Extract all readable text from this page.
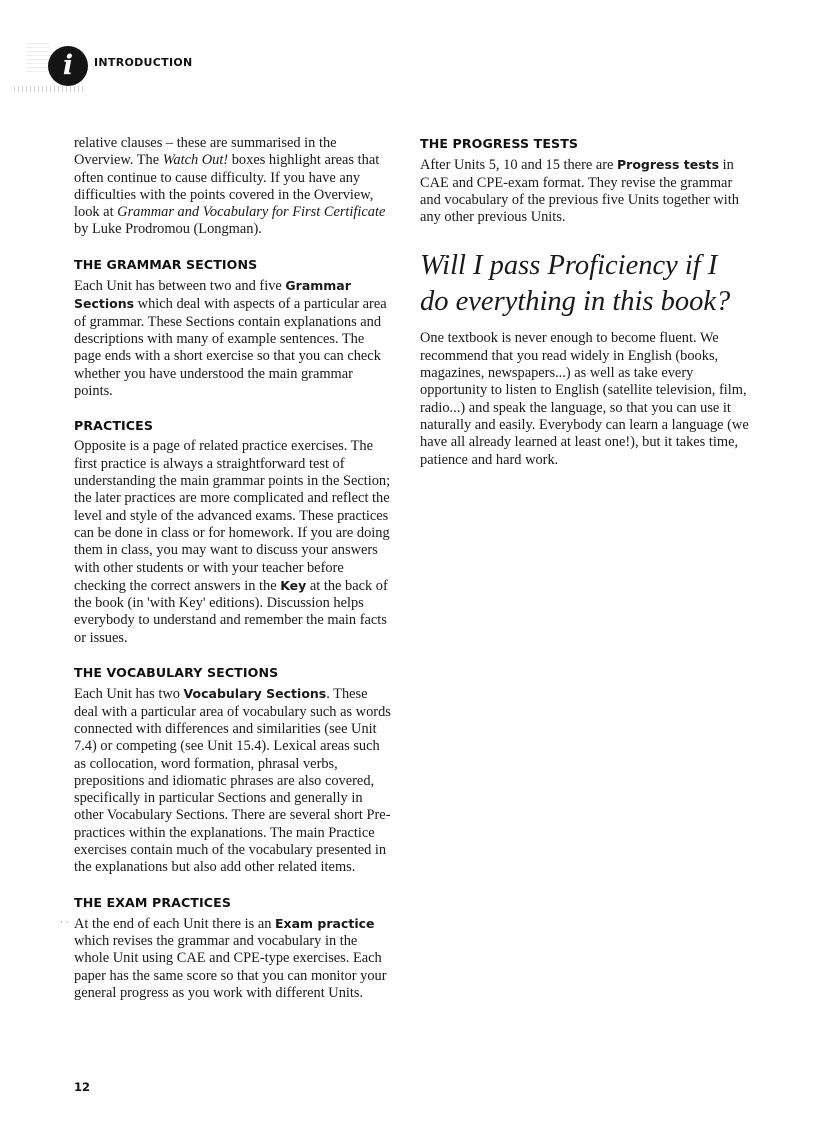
i	INTRODUCTION

relative clauses – these are summarised in the Overview. The Watch Out! boxes highlight areas that often continue to cause difficulty. If you have any difficulties with the points covered in the Overview, look at Grammar and Vocabulary for First Certificate by Luke Prodromou (Longman).

THE GRAMMAR SECTIONS

Each Unit has between two and five Grammar Sections which deal with aspects of a particular area of grammar. These Sections contain explanations and descriptions with many of example sentences. The page ends with a short exercise so that you can check whether you have understood the main grammar points.

PRACTICES

Opposite is a page of related practice exercises. The first practice is always a straightforward test of understanding the main grammar points in the Section; the later practices are more complicated and reflect the level and style of the advanced exams. These practices can be done in class or for homework. If you are doing them in class, you may want to discuss your answers with other students or with your teacher before checking the correct answers in the Key at the back of the book (in 'with Key' editions). Discussion helps everybody to understand and remember the main facts or issues.

THE VOCABULARY SECTIONS

Each Unit has two Vocabulary Sections. These deal with a particular area of vocabulary such as words connected with differences and similarities (see Unit 7.4) or competing (see Unit 15.4). Lexical areas such as collocation, word formation, phrasal verbs, prepositions and idiomatic phrases are also covered, specifically in particular Sections and generally in other Vocabulary Sections. There are several short Pre-practices within the explanations. The main Practice exercises contain much of the vocabulary presented in the explanations but also add other related items.

THE EXAM PRACTICES

At the end of each Unit there is an Exam practice which revises the grammar and vocabulary in the whole Unit using CAE and CPE-type exercises. Each paper has the same score so that you can monitor your general progress as you work with different Units.

THE PROGRESS TESTS

After Units 5, 10 and 15 there are Progress tests in CAE and CPE-exam format. They revise the grammar and vocabulary of the previous five Units together with any other previous Units.

Will I pass Proficiency if I do everything in this book?

One textbook is never enough to become fluent. We recommend that you read widely in English (books, magazines, newspapers...) as well as take every opportunity to listen to English (satellite television, film, radio...) and speak the language, so that you can use it naturally and easily. Everybody can learn a language (we have all already learned at least one!), but it takes time, patience and hard work.

· ·
12
